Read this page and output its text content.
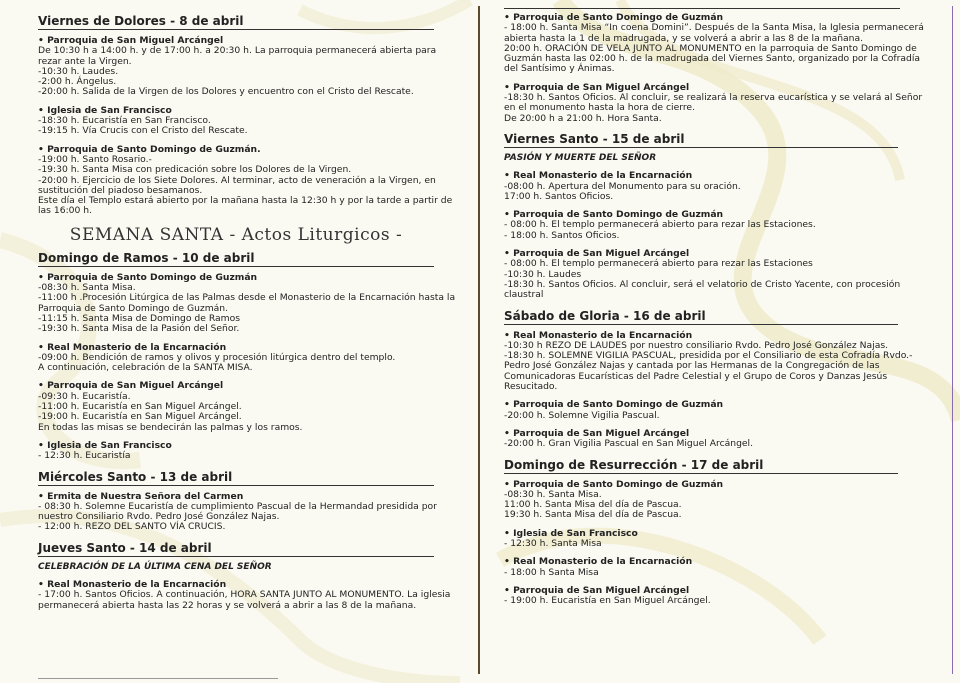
Viernes de Dolores - 8 de abril
• Parroquia de San Miguel Arcángel
De 10:30 h a 14:00 h. y de 17:00 h. a 20:30 h. La parroquia permanecerá abierta para rezar ante la Virgen.
-10:30 h. Laudes.
-2:00 h. Ángelus.
-20:00 h. Salida de la Virgen de los Dolores y encuentro con el Cristo del Rescate.
• Iglesia de San Francisco
-18:30 h. Eucaristía en San Francisco.
-19:15 h. Vía Crucis con el Cristo del Rescate.
• Parroquia de Santo Domingo de Guzmán.
-19:00 h. Santo Rosario.-
-19:30 h. Santa Misa con predicación sobre los Dolores de la Virgen.
-20:00 h. Ejercicio de los Siete Dolores. Al terminar, acto de veneración a la Virgen, en sustitución del piadoso besamanos.
Este día el Templo estará abierto por la mañana hasta la 12:30 h y por la tarde a partir de las 16:00 h.
SEMANA SANTA - Actos Liturgicos -
Domingo de Ramos - 10 de abril
• Parroquia de Santo Domingo de Guzmán
-08:30 h. Santa Misa.
-11:00 h .Procesión Litúrgica de las Palmas desde el Monasterio de la Encarnación hasta la Parroquia de Santo Domingo de Guzmán.
-11:15 h. Santa Misa de Domingo de Ramos
-19:30 h. Santa Misa de la Pasión del Señor.
• Real Monasterio de la Encarnación
-09:00 h. Bendición de ramos y olivos y procesión litúrgica dentro del templo.
A continuación, celebración de la SANTA MISA.
• Parroquia de San Miguel Arcángel
-09:30 h. Eucaristía.
-11:00 h. Eucaristía en San Miguel Arcángel.
-19:00 h. Eucaristía en San Miguel Arcángel.
En todas las misas se bendecirán las palmas y los ramos.
• Iglesia de San Francisco
- 12:30 h. Eucaristía
Miércoles Santo - 13 de abril
• Ermita de Nuestra Señora del Carmen
- 08:30 h. Solemne Eucaristía de cumplimiento Pascual de la Hermandad presidida por nuestro Consiliario Rvdo. Pedro José González Najas.
- 12:00 h. REZO DEL SANTO VÍA CRUCIS.
Jueves Santo - 14 de abril
CELEBRACIÓN DE LA ÚLTIMA CENA DEL SEÑOR
• Real Monasterio de la Encarnación
- 17:00 h. Santos Oficios. A continuación, HORA SANTA JUNTO AL MONUMENTO. La iglesia permanecerá abierta hasta las 22 horas y se volverá a abrir a las 8 de la mañana.
• Parroquia de Santo Domingo de Guzmán
- 18:00 h. Santa Misa “In coena Domini”. Después de la Santa Misa, la Iglesia permanecerá abierta hasta la 1 de la madrugada, y se volverá a abrir a las 8 de la mañana.
20:00 h. ORACIÓN DE VELA JUNTO AL MONUMENTO en la parroquia de Santo Domingo de Guzmán hasta las 02:00 h. de la madrugada del Viernes Santo, organizado por la Cofradía del Santísimo y Ánimas.
• Parroquia de San Miguel Arcángel
-18:30 h. Santos Oficios. Al concluir, se realizará la reserva eucarística y se velará al Señor en el monumento hasta la hora de cierre.
De 20:00 h a 21:00 h. Hora Santa.
Viernes Santo - 15 de abril
PASIÓN Y MUERTE DEL SEÑOR
• Real Monasterio de la Encarnación
-08:00 h. Apertura del Monumento para su oración.
17:00 h. Santos Oficios.
• Parroquia de Santo Domingo de Guzmán
- 08:00 h. El templo permanecerá abierto para rezar las Estaciones.
- 18:00 h. Santos Oficios.
• Parroquia de San Miguel Arcángel
- 08:00 h. El templo permanecerá abierto para rezar las Estaciones
-10:30 h. Laudes
-18:30 h. Santos Oficios. Al concluir, será el velatorio de Cristo Yacente, con procesión claustral
Sábado de Gloria - 16 de abril
• Real Monasterio de la Encarnación
-10:30 h REZO DE LAUDES por nuestro consiliario Rvdo. Pedro José González Najas.
-18:30 h. SOLEMNE VIGILIA PASCUAL, presidida por el Consiliario de esta Cofradía Rvdo.- Pedro José González Najas y cantada por las Hermanas de la Congregación de las Comunicadoras Eucarísticas del Padre Celestial y el Grupo de Coros y Danzas Jesús Resucitado.
• Parroquia de Santo Domingo de Guzmán
-20:00 h. Solemne Vigilia Pascual.
• Parroquia de San Miguel Arcángel
-20:00 h. Gran Vigilia Pascual en San Miguel Arcángel.
Domingo de Resurrección - 17 de abril
• Parroquia de Santo Domingo de Guzmán
-08:30 h. Santa Misa.
11:00 h. Santa Misa del día de Pascua.
19:30 h. Santa Misa del día de Pascua.
• Iglesia de San Francisco
- 12:30 h. Santa Misa
• Real Monasterio de la Encarnación
- 18:00 h Santa Misa
• Parroquia de San Miguel Arcángel
- 19:00 h. Eucaristía en San Miguel Arcángel.
